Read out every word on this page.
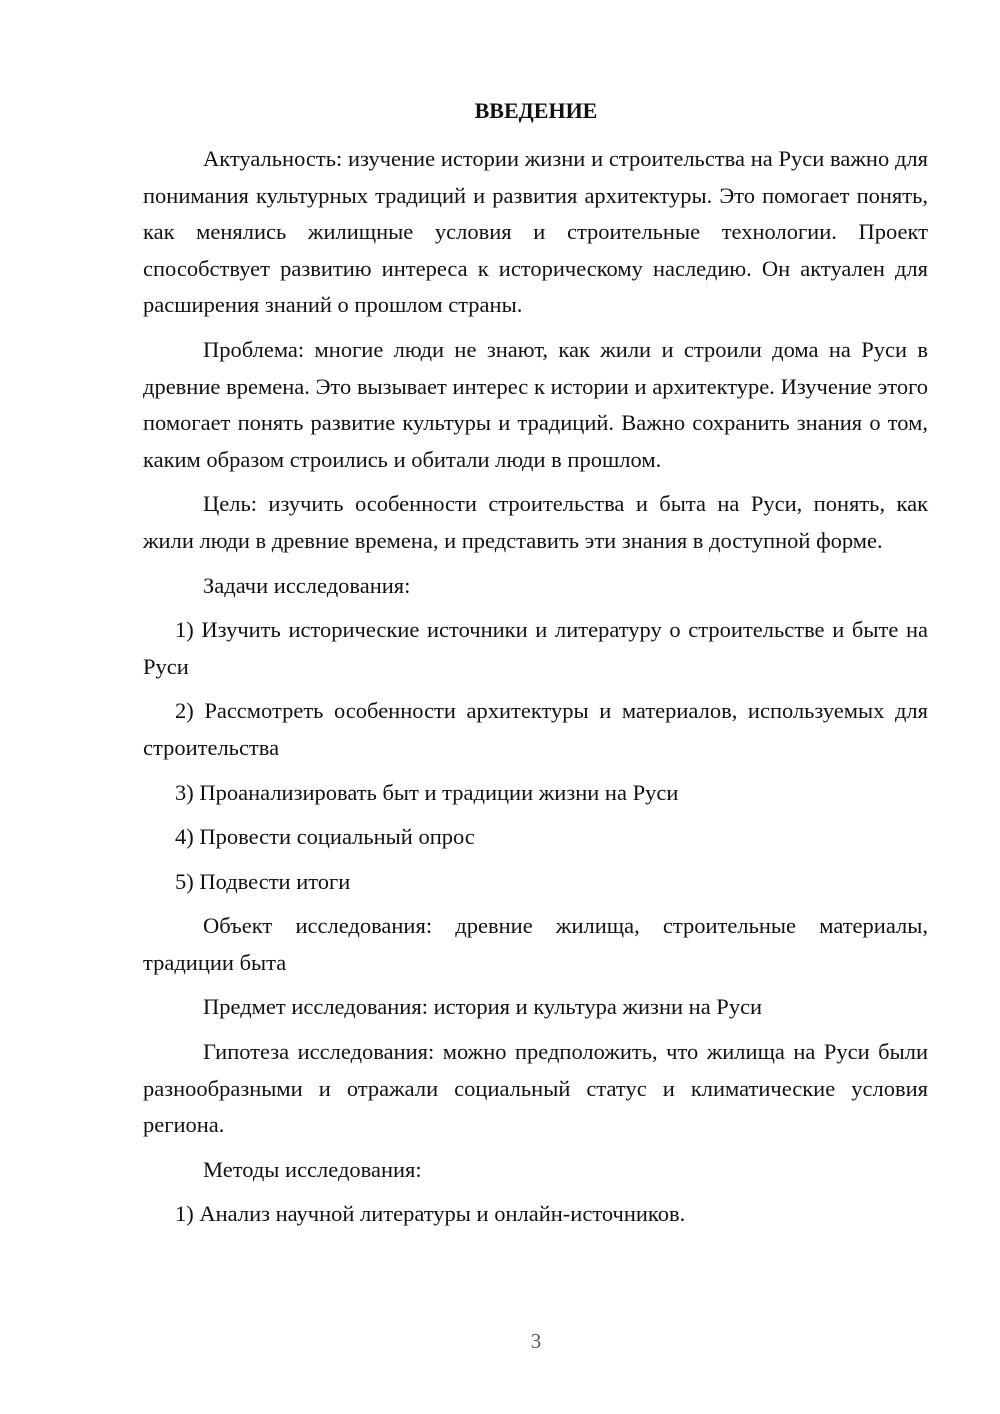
ВВЕДЕНИЕ

Актуальность: изучение истории жизни и строительства на Руси важно для понимания культурных традиций и развития архитектуры. Это помогает понять, как менялись жилищные условия и строительные технологии. Проект способствует развитию интереса к историческому наследию. Он актуален для расширения знаний о прошлом страны.

Проблема: многие люди не знают, как жили и строили дома на Руси в древние времена. Это вызывает интерес к истории и архитектуре. Изучение этого помогает понять развитие культуры и традиций. Важно сохранить знания о том, каким образом строились и обитали люди в прошлом.

Цель: изучить особенности строительства и быта на Руси, понять, как жили люди в древние времена, и представить эти знания в доступной форме.

Задачи исследования:

1) Изучить исторические источники и литературу о строительстве и быте на Руси

2) Рассмотреть особенности архитектуры и материалов, используемых для строительства

3) Проанализировать быт и традиции жизни на Руси

4) Провести социальный опрос

5) Подвести итоги

Объект исследования: древние жилища, строительные материалы, традиции быта

Предмет исследования: история и культура жизни на Руси

Гипотеза исследования: можно предположить, что жилища на Руси были разнообразными и отражали социальный статус и климатические условия региона.

Методы исследования:

1) Анализ научной литературы и онлайн-источников.

3
